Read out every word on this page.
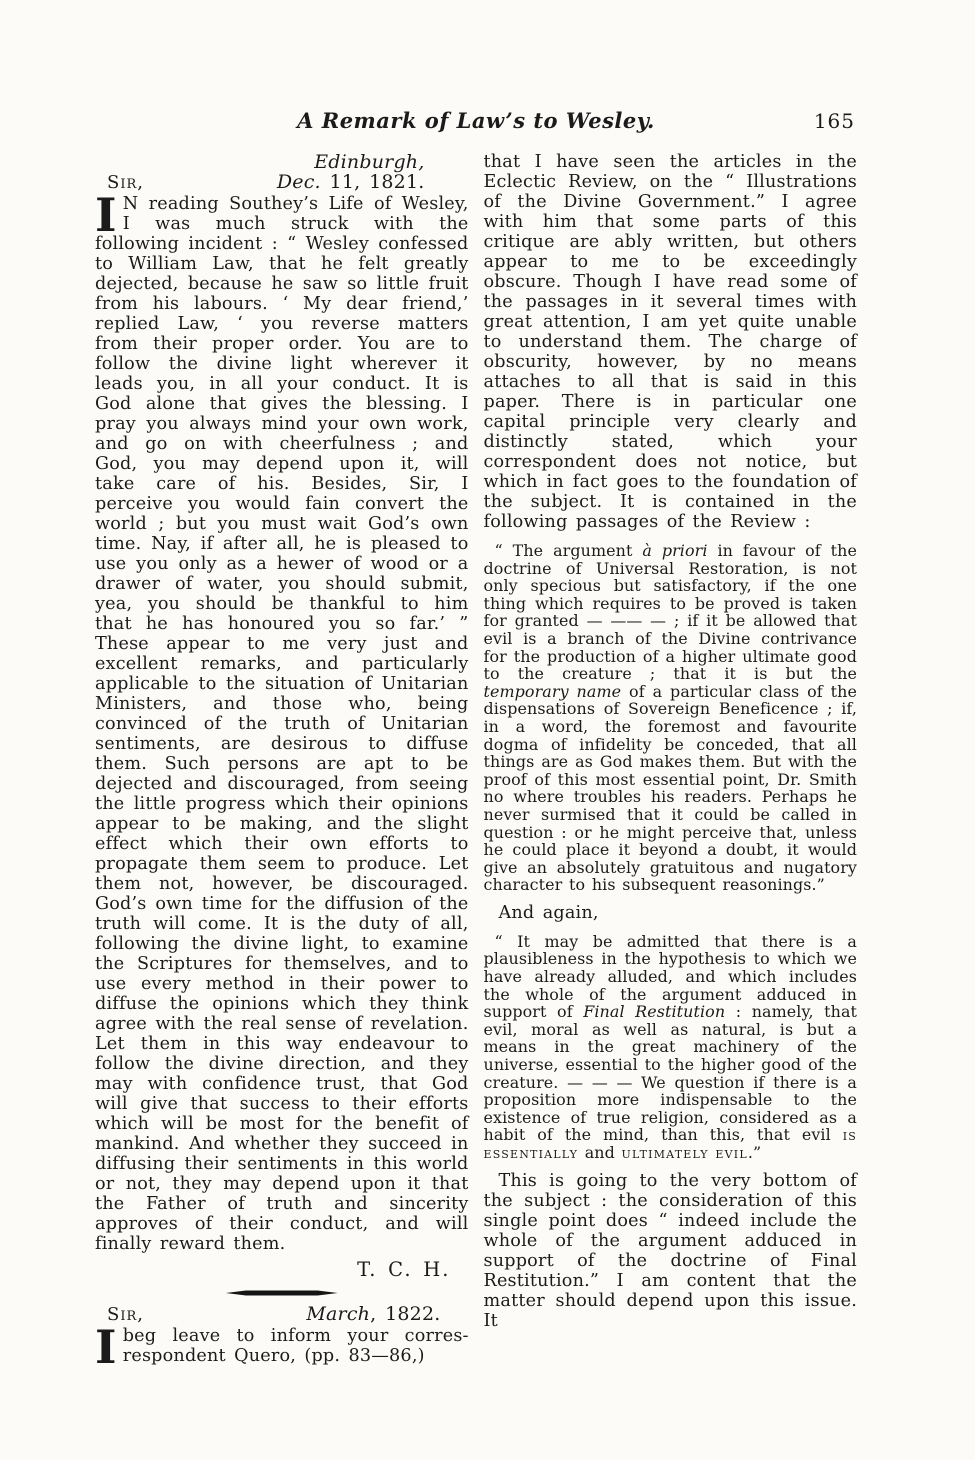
A Remark of Law’s to Wesley.	165
Edinburgh,
Sir,	Dec. 11, 1821.

I N reading Southey’s Life of Wesley, I was much struck with the following incident : “ Wesley confessed to William Law, that he felt greatly dejected, because he saw so little fruit from his labours. ‘ My dear friend,’ replied Law, ‘ you reverse matters from their proper order. You are to follow the divine light wherever it leads you, in all your conduct. It is God alone that gives the blessing. I pray you always mind your own work, and go on with cheerfulness ; and God, you may depend upon it, will take care of his. Besides, Sir, I perceive you would fain convert the world ; but you must wait God’s own time. Nay, if after all, he is pleased to use you only as a hewer of wood or a drawer of water, you should submit, yea, you should be thankful to him that he has honoured you so far.’ ” These appear to me very just and excellent remarks, and particularly applicable to the situation of Unitarian Ministers, and those who, being convinced of the truth of Unitarian sentiments, are desirous to diffuse them. Such persons are apt to be dejected and discouraged, from seeing the little progress which their opinions appear to be making, and the slight effect which their own efforts to propagate them seem to produce. Let them not, however, be discouraged. God’s own time for the diffusion of the truth will come. It is the duty of all, following the divine light, to examine the Scriptures for themselves, and to use every method in their power to diffuse the opinions which they think agree with the real sense of revelation. Let them in this way endeavour to follow the divine direction, and they may with confidence trust, that God will give that success to their efforts which will be most for the benefit of mankind. And whether they succeed in diffusing their sentiments in this world or not, they may depend upon it that the Father of truth and sincerity approves of their conduct, and will finally reward them.

T. C. H.
Sir,	March, 1822.

Ibeg leave to inform your corresrespondent Quero, (pp. 83—86,)

that I have seen the articles in the Eclectic Review, on the “ Illustrations of the Divine Government.” I agree with him that some parts of this critique are ably written, but others appear to me to be exceedingly obscure. Though I have read some of the passages in it several times with great attention, I am yet quite unable to understand them. The charge of obscurity, however, by no means attaches to all that is said in this paper. There is in particular one capital principle very clearly and distinctly stated, which your correspondent does not notice, but which in fact goes to the foundation of the subject. It is contained in the following passages of the Review :

“ The argument à priori in favour of the doctrine of Universal Restoration, is not only specious but satisfactory, if the one thing which requires to be proved is taken for granted — —— — ; if it be allowed that evil is a branch of the Divine contrivance for the production of a higher ultimate good to the creature ; that it is but the temporary name of a particular class of the dispensations of Sovereign Beneficence ; if, in a word, the foremost and favourite dogma of infidelity be conceded, that all things are as God makes them. But with the proof of this most essential point, Dr. Smith no where troubles his readers. Perhaps he never surmised that it could be called in question : or he might perceive that, unless he could place it beyond a doubt, it would give an absolutely gratuitous and nugatory character to his subsequent reasonings.”

And again,

“ It may be admitted that there is a plausibleness in the hypothesis to which we have already alluded, and which includes the whole of the argument adduced in support of Final Restitution : namely, that evil, moral as well as natural, is but a means in the great machinery of the universe, essential to the higher good of the creature. — — — We question if there is a proposition more indispensable to the existence of true religion, considered as a habit of the mind, than this, that evil is essentially and ultimately evil.”

This is going to the very bottom of the subject : the consideration of this single point does “ indeed include the whole of the argument adduced in support of the doctrine of Final Restitution.” I am content that the matter should depend upon this issue. It
